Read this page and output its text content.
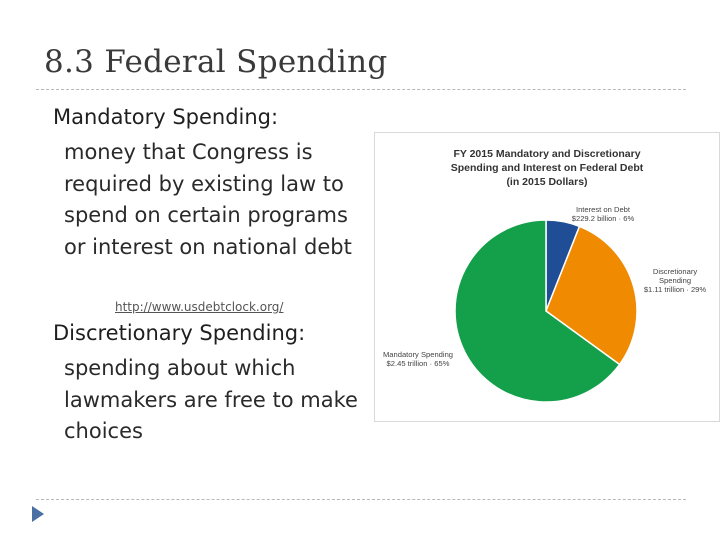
8.3 Federal Spending
Mandatory Spending:
money that Congress is required by existing law to spend on certain programs or interest on national debt
http://www.usdebtclock.org/
Discretionary Spending:
spending about which lawmakers are free to make choices
FY 2015 Mandatory and Discretionary
Spending and Interest on Federal Debt
(in 2015 Dollars)
Interest on Debt
$229.2 billion · 6%
Discretionary
Spending
$1.11 trillion · 29%
Mandatory Spending
$2.45 trillion · 65%
